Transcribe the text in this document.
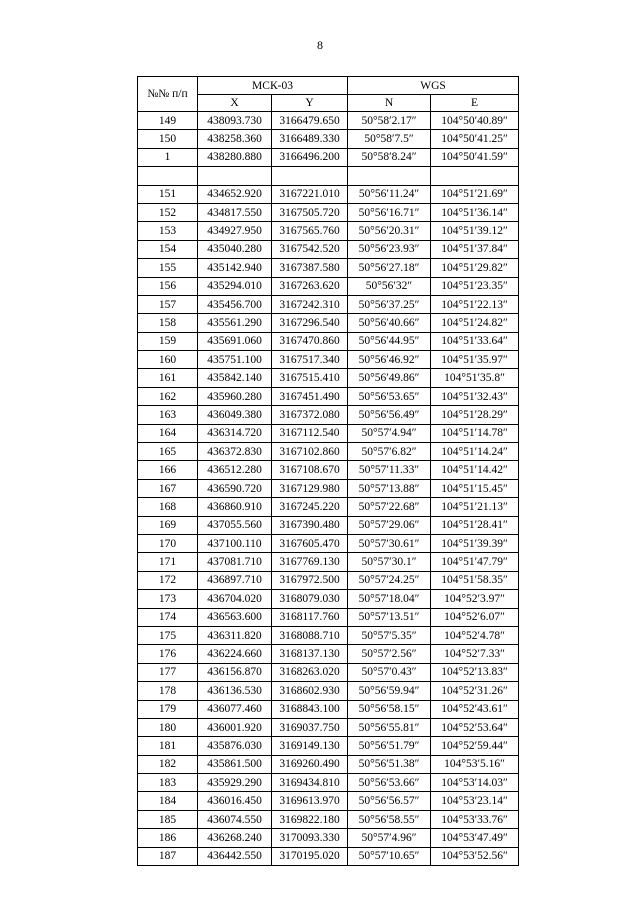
8
№№ п/п	МСК-03		WGS	
	X	Y	N	E
149	438093.730	3166479.650	50°58′2.17″	104°50′40.89″
150	438258.360	3166489.330	50°58′7.5″	104°50′41.25″
1	438280.880	3166496.200	50°58′8.24″	104°50′41.59″

151	434652.920	3167221.010	50°56′11.24″	104°51′21.69″
152	434817.550	3167505.720	50°56′16.71″	104°51′36.14″
153	434927.950	3167565.760	50°56′20.31″	104°51′39.12″
154	435040.280	3167542.520	50°56′23.93″	104°51′37.84″
155	435142.940	3167387.580	50°56′27.18″	104°51′29.82″
156	435294.010	3167263.620	50°56′32″	104°51′23.35″
157	435456.700	3167242.310	50°56′37.25″	104°51′22.13″
158	435561.290	3167296.540	50°56′40.66″	104°51′24.82″
159	435691.060	3167470.860	50°56′44.95″	104°51′33.64″
160	435751.100	3167517.340	50°56′46.92″	104°51′35.97″
161	435842.140	3167515.410	50°56′49.86″	104°51′35.8″
162	435960.280	3167451.490	50°56′53.65″	104°51′32.43″
163	436049.380	3167372.080	50°56′56.49″	104°51′28.29″
164	436314.720	3167112.540	50°57′4.94″	104°51′14.78″
165	436372.830	3167102.860	50°57′6.82″	104°51′14.24″
166	436512.280	3167108.670	50°57′11.33″	104°51′14.42″
167	436590.720	3167129.980	50°57′13.88″	104°51′15.45″
168	436860.910	3167245.220	50°57′22.68″	104°51′21.13″
169	437055.560	3167390.480	50°57′29.06″	104°51′28.41″
170	437100.110	3167605.470	50°57′30.61″	104°51′39.39″
171	437081.710	3167769.130	50°57′30.1″	104°51′47.79″
172	436897.710	3167972.500	50°57′24.25″	104°51′58.35″
173	436704.020	3168079.030	50°57′18.04″	104°52′3.97″
174	436563.600	3168117.760	50°57′13.51″	104°52′6.07″
175	436311.820	3168088.710	50°57′5.35″	104°52′4.78″
176	436224.660	3168137.130	50°57′2.56″	104°52′7.33″
177	436156.870	3168263.020	50°57′0.43″	104°52′13.83″
178	436136.530	3168602.930	50°56′59.94″	104°52′31.26″
179	436077.460	3168843.100	50°56′58.15″	104°52′43.61″
180	436001.920	3169037.750	50°56′55.81″	104°52′53.64″
181	435876.030	3169149.130	50°56′51.79″	104°52′59.44″
182	435861.500	3169260.490	50°56′51.38″	104°53′5.16″
183	435929.290	3169434.810	50°56′53.66″	104°53′14.03″
184	436016.450	3169613.970	50°56′56.57″	104°53′23.14″
185	436074.550	3169822.180	50°56′58.55″	104°53′33.76″
186	436268.240	3170093.330	50°57′4.96″	104°53′47.49″
187	436442.550	3170195.020	50°57′10.65″	104°53′52.56″
